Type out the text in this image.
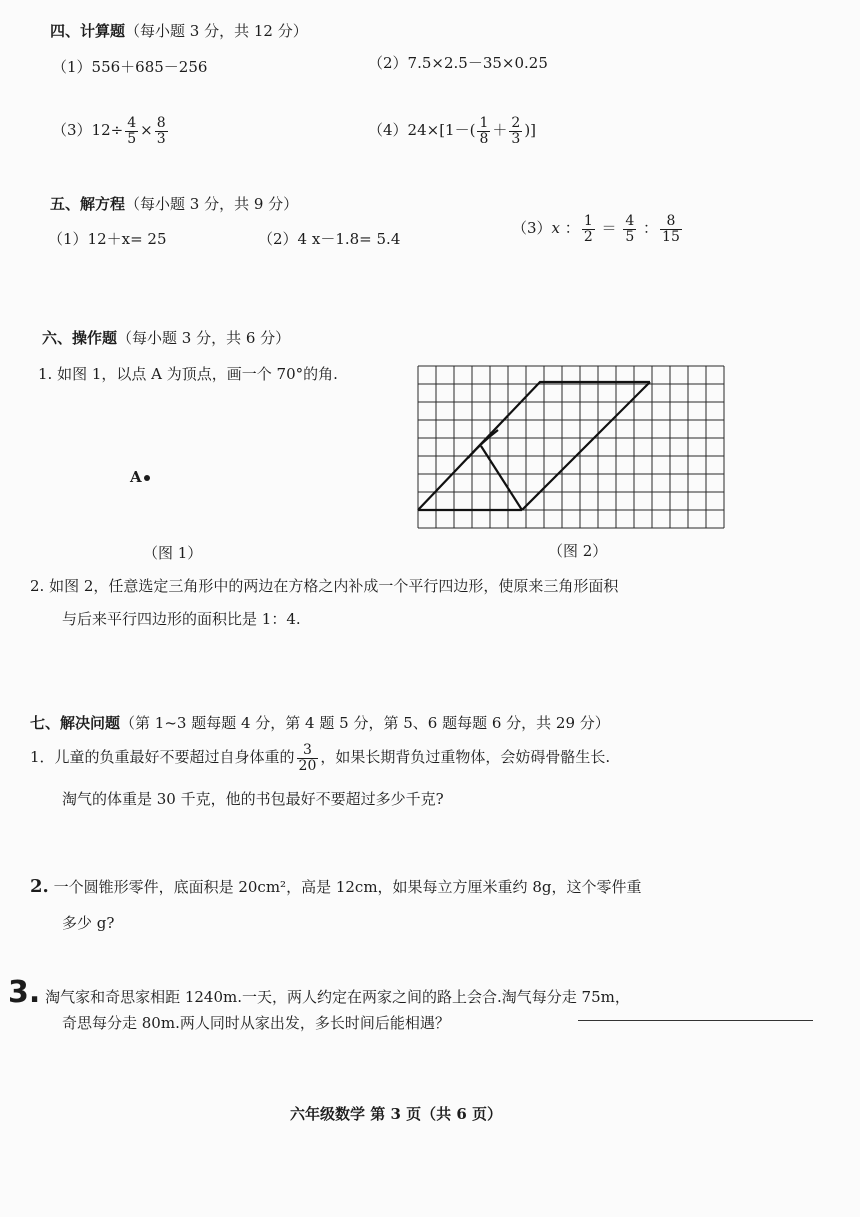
四、计算题（每小题 3 分，共 12 分）
（1）556＋685－256	（2）7.5×2.5－35×0.25
$(3)12\div \frac{4}{5} \times \frac{8}{3}$	$(4)24\times[1-( \frac{1}{8} + \frac{2}{3}$ )]
五、解方程（每小题 3 分，共 9 分）
（1）12＋x= 25	（2）4 x－1.8= 5.4
（3）x ： $\frac{1}{2} = \frac{4}{5}$ ： $\frac{8}{15}$
六、操作题（每小题 3 分，共 6 分）
1. 如图 1，以点 A 为顶点，画一个 70°的角.
A
（图 1）	（图 2）
2. 如图 2，任意选定三角形中的两边在方格之内补成一个平行四边形，使原来三角形面积
与后来平行四边形的面积比是 1：4.
七、解决问题（第 1~3 题每题 4 分，第 4 题 5 分，第 5、6 题每题 6 分，共 29 分）
1．儿童的负重最好不要超过自身体重的 $\frac{3}{20}$ ，如果长期背负过重物体，会妨碍骨骼生长.
淘气的体重是 30 千克，他的书包最好不要超过多少千克?
2. 一个圆锥形零件，底面积是 20cm²，高是 12cm，如果每立方厘米重约 8g，这个零件重
多少 g?
3. 淘气家和奇思家相距 1240m.一天，两人约定在两家之间的路上会合.淘气每分走 75m，
奇思每分走 80m.两人同时从家出发，多长时间后能相遇？
六年级数学 第 3 页（共 6 页）
